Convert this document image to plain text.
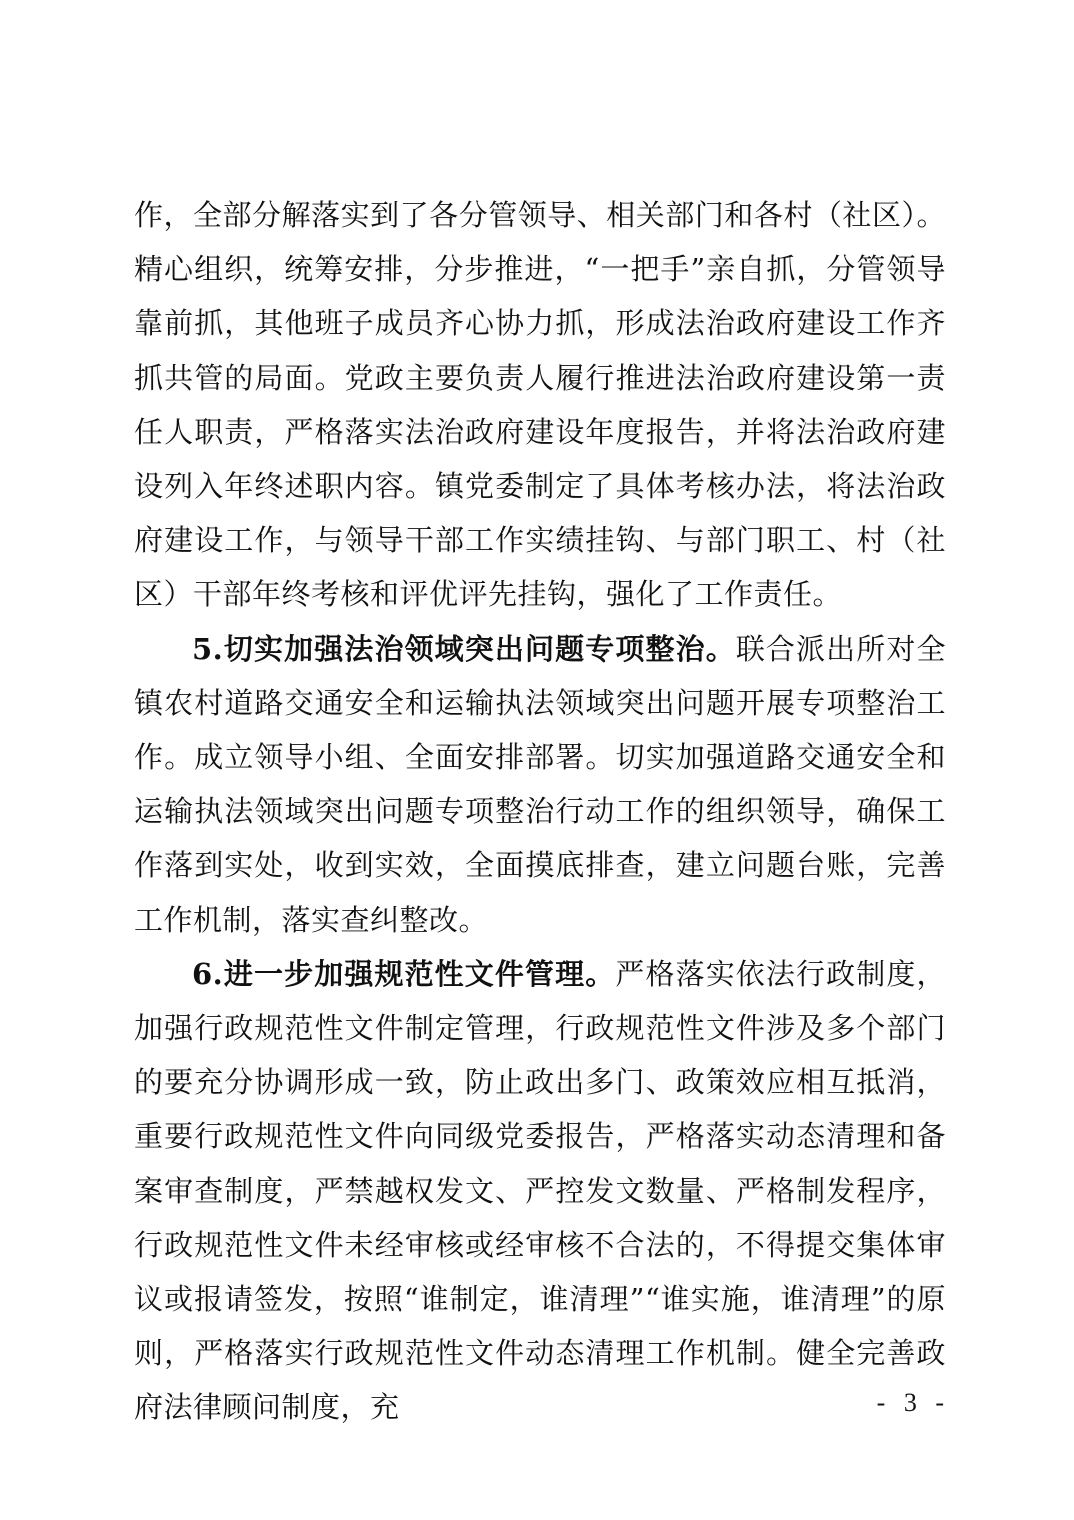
作，全部分解落实到了各分管领导、相关部门和各村（社区）。精心组织，统筹安排，分步推进，“一把手”亲自抓，分管领导靠前抓，其他班子成员齐心协力抓，形成法治政府建设工作齐抓共管的局面。党政主要负责人履行推进法治政府建设第一责任人职责，严格落实法治政府建设年度报告，并将法治政府建设列入年终述职内容。镇党委制定了具体考核办法，将法治政府建设工作，与领导干部工作实绩挂钩、与部门职工、村（社区）干部年终考核和评优评先挂钩，强化了工作责任。

5.切实加强法治领域突出问题专项整治。联合派出所对全镇农村道路交通安全和运输执法领域突出问题开展专项整治工作。成立领导小组、全面安排部署。切实加强道路交通安全和运输执法领域突出问题专项整治行动工作的组织领导，确保工作落到实处，收到实效，全面摸底排查，建立问题台账，完善工作机制，落实查纠整改。

6.进一步加强规范性文件管理。严格落实依法行政制度，加强行政规范性文件制定管理，行政规范性文件涉及多个部门的要充分协调形成一致，防止政出多门、政策效应相互抵消，重要行政规范性文件向同级党委报告，严格落实动态清理和备案审查制度，严禁越权发文、严控发文数量、严格制发程序，行政规范性文件未经审核或经审核不合法的，不得提交集体审议或报请签发，按照“谁制定，谁清理”“谁实施，谁清理”的原则，严格落实行政规范性文件动态清理工作机制。健全完善政府法律顾问制度，充	- 3 -
